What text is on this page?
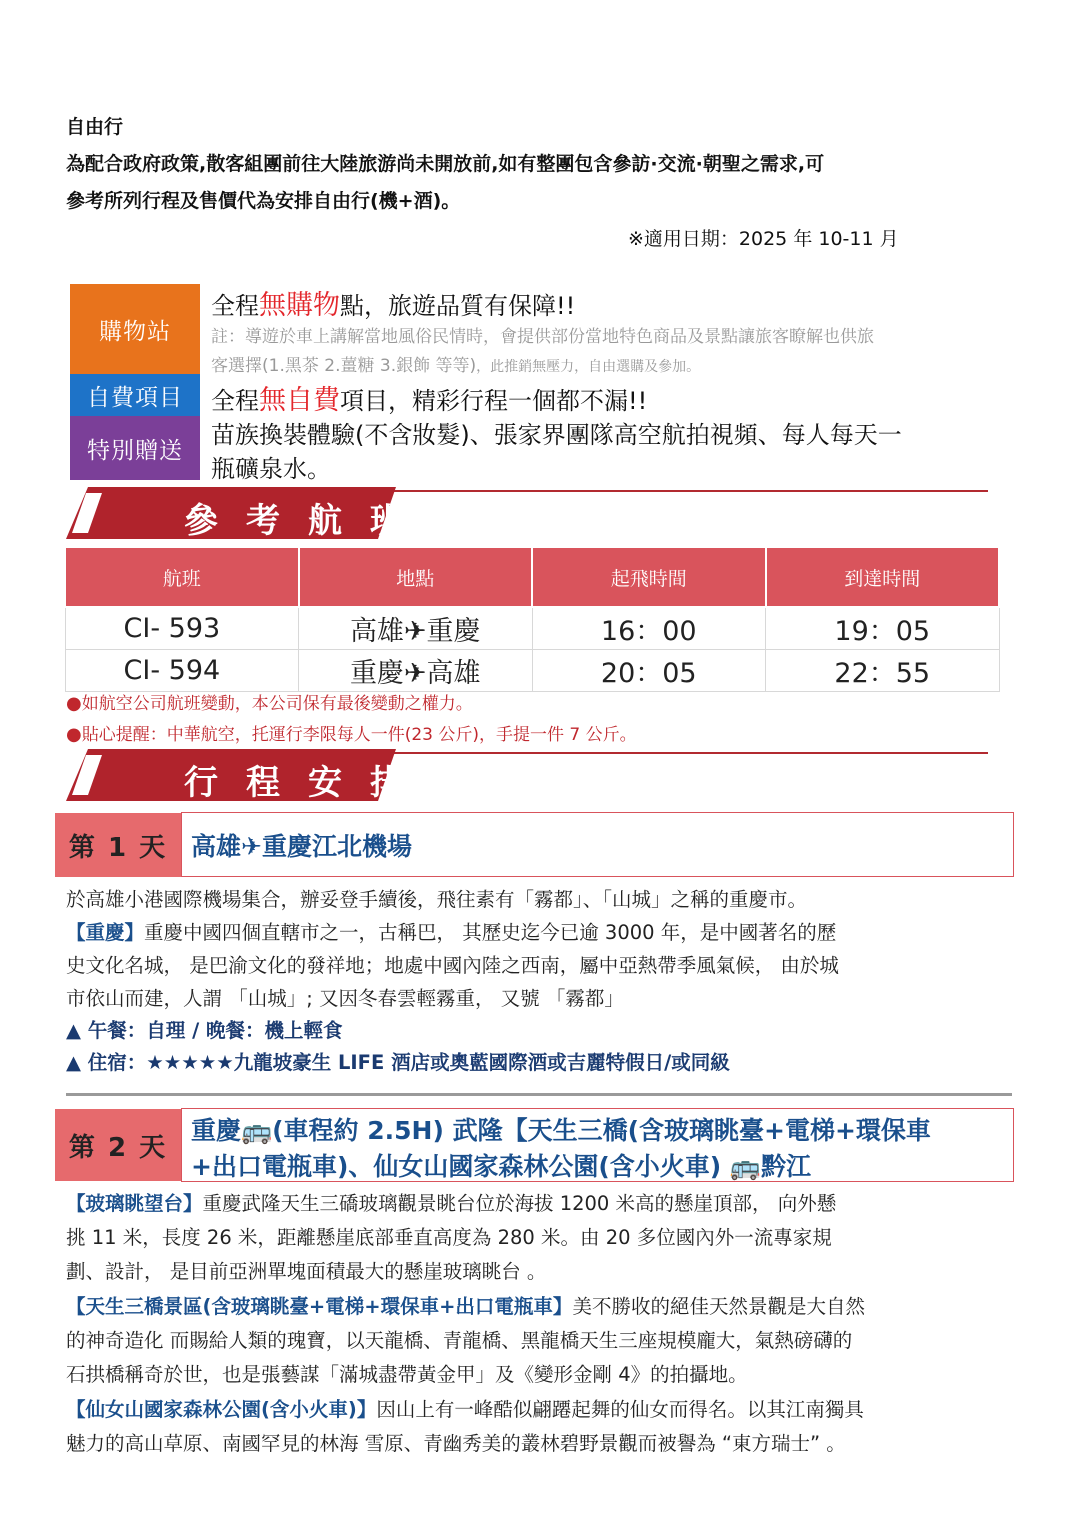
自由行
為配合政府政策,散客組團前往大陸旅游尚未開放前,如有整團包含參訪·交流·朝聖之需求,可
參考所列行程及售價代為安排自由行(機+酒)。
※適用日期：2025 年 10-11 月
購物站
自費項目
特別贈送
全程無購物點，旅遊品質有保障!!
註：導遊於車上講解當地風俗民情時，會提供部份當地特色商品及景點讓旅客瞭解也供旅
客選擇(1.黑茶 2.薑糖 3.銀飾 等等)，此推銷無壓力，自由選購及參加。
全程無自費項目，精彩行程一個都不漏!!
苗族換裝體驗(不含妝髮)、張家界團隊高空航拍視頻、每人每天一
瓶礦泉水。
參考航班
航班	地點	起飛時間	到達時間
CI- 593	高雄✈重慶	16：00	19：05
CI- 594	重慶✈高雄	20：05	22：55
●如航空公司航班變動，本公司保有最後變動之權力。
●貼心提醒：中華航空，托運行李限每人一件(23 公斤)，手提一件 7 公斤。
行程安排
第 1 天 高雄✈重慶江北機場
於高雄小港國際機場集合，辦妥登手續後，飛往素有「霧都」、「山城」之稱的重慶市。
【重慶】重慶中國四個直轄市之一，古稱巴， 其歷史迄今已逾 3000 年，是中國著名的歷
史文化名城， 是巴渝文化的發祥地；地處中國內陸之西南，屬中亞熱帶季風氣候， 由於城
市依山而建，人謂 「山城」; 又因冬春雲輕霧重， 又號 「霧都」
▲ 午餐：自理 / 晚餐：機上輕食
▲ 住宿：★★★★★九龍坡豪生 LIFE 酒店或奧藍國際酒或吉麗特假日/或同級
第 2 天
重慶🚌(車程約 2.5H) 武隆【天生三橋(含玻璃眺臺+電梯+環保車
+出口電瓶車)、仙女山國家森林公園(含小火車) 🚌黔江
【玻璃眺望台】重慶武隆天生三礄玻璃觀景眺台位於海拔 1200 米高的懸崖頂部， 向外懸
挑 11 米，長度 26 米，距離懸崖底部垂直高度為 280 米。由 20 多位國內外一流專家規
劃、設計， 是目前亞洲單塊面積最大的懸崖玻璃眺台 。
【天生三橋景區(含玻璃眺臺+電梯+環保車+出口電瓶車】美不勝收的絕佳天然景觀是大自然
的神奇造化 而賜給人類的瑰寶，以天龍橋、青龍橋、黑龍橋天生三座規模龐大，氣熱磅礴的
石拱橋稱奇於世，也是張藝謀「滿城盡帶黃金甲」及《變形金剛 4》的拍攝地。
【仙女山國家森林公園(含小火車)】因山上有一峰酷似翩蹮起舞的仙女而得名。以其江南獨具
魅力的高山草原、南國罕見的林海 雪原、青幽秀美的叢林碧野景觀而被譽為 “東方瑞士” 。
